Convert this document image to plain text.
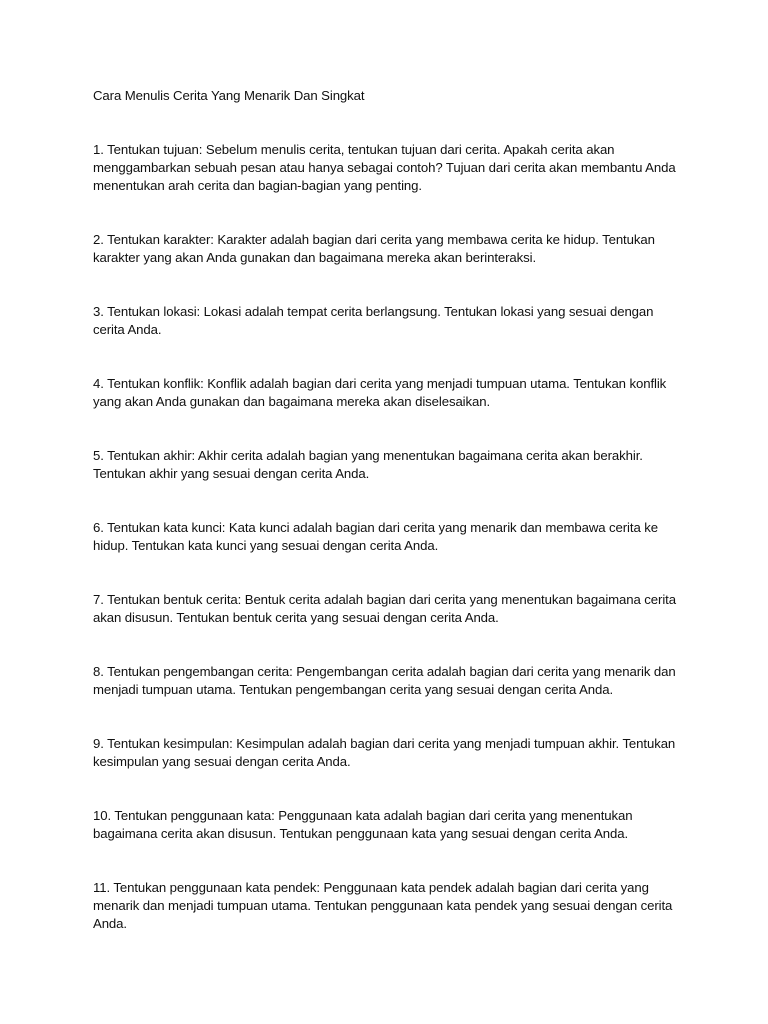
Cara Menulis Cerita Yang Menarik Dan Singkat

1. Tentukan tujuan: Sebelum menulis cerita, tentukan tujuan dari cerita. Apakah cerita akan menggambarkan sebuah pesan atau hanya sebagai contoh? Tujuan dari cerita akan membantu Anda menentukan arah cerita dan bagian-bagian yang penting.

2. Tentukan karakter: Karakter adalah bagian dari cerita yang membawa cerita ke hidup. Tentukan karakter yang akan Anda gunakan dan bagaimana mereka akan berinteraksi.

3. Tentukan lokasi: Lokasi adalah tempat cerita berlangsung. Tentukan lokasi yang sesuai dengan cerita Anda.

4. Tentukan konflik: Konflik adalah bagian dari cerita yang menjadi tumpuan utama. Tentukan konflik yang akan Anda gunakan dan bagaimana mereka akan diselesaikan.

5. Tentukan akhir: Akhir cerita adalah bagian yang menentukan bagaimana cerita akan berakhir. Tentukan akhir yang sesuai dengan cerita Anda.

6. Tentukan kata kunci: Kata kunci adalah bagian dari cerita yang menarik dan membawa cerita ke hidup. Tentukan kata kunci yang sesuai dengan cerita Anda.

7. Tentukan bentuk cerita: Bentuk cerita adalah bagian dari cerita yang menentukan bagaimana cerita akan disusun. Tentukan bentuk cerita yang sesuai dengan cerita Anda.

8. Tentukan pengembangan cerita: Pengembangan cerita adalah bagian dari cerita yang menarik dan menjadi tumpuan utama. Tentukan pengembangan cerita yang sesuai dengan cerita Anda.

9. Tentukan kesimpulan: Kesimpulan adalah bagian dari cerita yang menjadi tumpuan akhir. Tentukan kesimpulan yang sesuai dengan cerita Anda.

10. Tentukan penggunaan kata: Penggunaan kata adalah bagian dari cerita yang menentukan bagaimana cerita akan disusun. Tentukan penggunaan kata yang sesuai dengan cerita Anda.

11. Tentukan penggunaan kata pendek: Penggunaan kata pendek adalah bagian dari cerita yang menarik dan menjadi tumpuan utama. Tentukan penggunaan kata pendek yang sesuai dengan cerita Anda.
